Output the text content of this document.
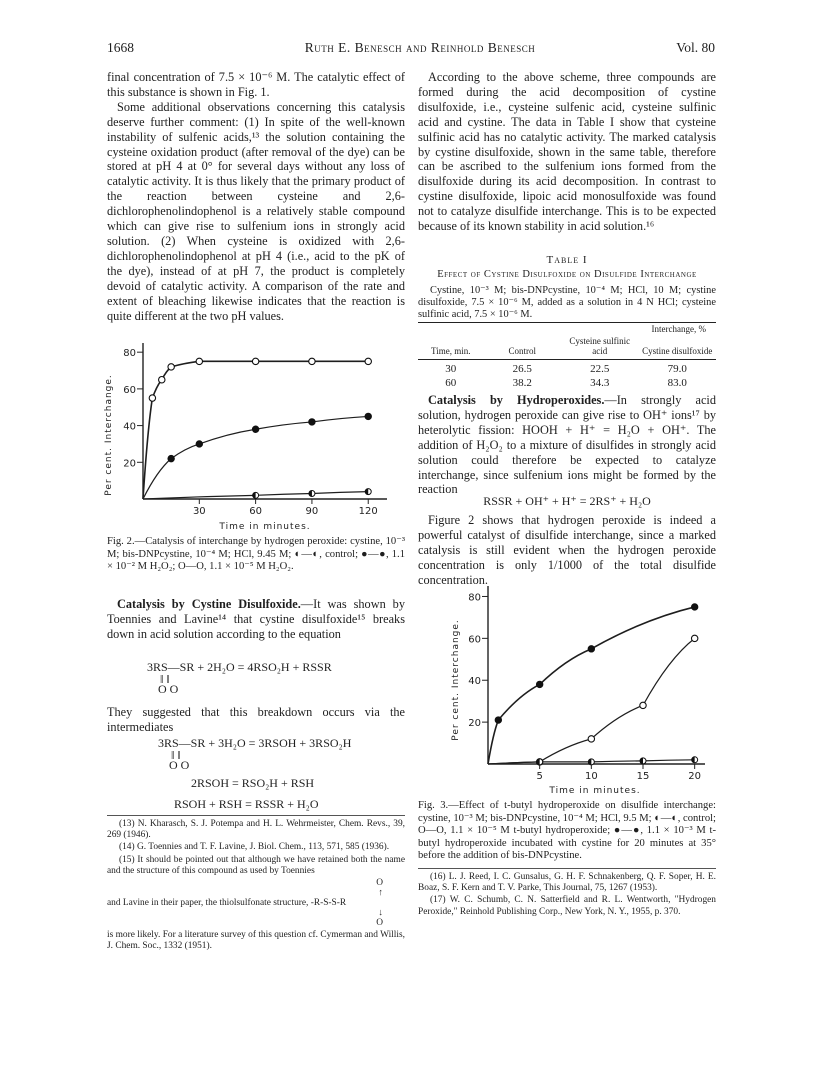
1668	Ruth E. Benesch and Reinhold Benesch	Vol. 80

final concentration of 7.5 × 10⁻⁶ M. The catalytic effect of this substance is shown in Fig. 1.

Some additional observations concerning this catalysis deserve further comment: (1) In spite of the well-known instability of sulfenic acids,¹³ the solution containing the cysteine oxidation product (after removal of the dye) can be stored at pH 4 at 0° for several days without any loss of catalytic activity. It is thus likely that the primary product of the reaction between cysteine and 2,6-dichlorophenolindophenol is a relatively stable compound which can give rise to sulfenium ions in strongly acid solution. (2) When cysteine is oxidized with 2,6-dichlorophenolindophenol at pH 4 (i.e., acid to the pK of the dye), instead of at pH 7, the product is completely devoid of catalytic activity. A comparison of the rate and extent of bleaching likewise indicates that the reaction is quite different at the two pH values.

30	60	90	120
20
40
60
80
Time in minutes.
Per cent. Interchange.
Fig. 2.—Catalysis of interchange by hydrogen peroxide: cystine, 10⁻³ M; bis-DNPcystine, 10⁻⁴ M; HCl, 9.45 M; ◐—◐, control; ●—●, 1.1 × 10⁻² M H₂O₂; O—O, 1.1 × 10⁻⁵ M H₂O₂.

Catalysis by Cystine Disulfoxide.—It was shown by Toennies and Lavine¹⁴ that cystine disulfoxide¹⁵ breaks down in acid solution according to the equation

3RS—SR + 2H₂O = 4RSO₂H + RSSR
‖ ‖
O O

They suggested that this breakdown occurs via the intermediates

3RS—SR + 3H₂O = 3RSOH + 3RSO₂H
‖ ‖
O O
2RSOH = RSO₂H + RSH
RSOH + RSH = RSSR + H₂O

(13) N. Kharasch, S. J. Potempa and H. L. Wehrmeister, Chem. Revs., 39, 269 (1946).

(14) G. Toennies and T. F. Lavine, J. Biol. Chem., 113, 571, 585 (1936).

(15) It should be pointed out that although we have retained both the name and the structure of this compound as used by Toennies

O
↑
and Lavine in their paper, the thiolsulfonate structure, -R-S-S-R
↓
O
is more likely. For a literature survey of this question cf. Cymerman and Willis, J. Chem. Soc., 1332 (1951).

According to the above scheme, three compounds are formed during the acid decomposition of cystine disulfoxide, i.e., cysteine sulfenic acid, cysteine sulfinic acid and cystine. The data in Table I show that cysteine sulfinic acid has no catalytic activity. The marked catalysis by cystine disulfoxide, shown in the same table, therefore can be ascribed to the sulfenium ions formed from the disulfoxide during its acid decomposition. In contrast to cystine disulfoxide, lipoic acid monosulfoxide was found not to catalyze disulfide interchange. This is to be expected because of its known stability in acid solution.¹⁶

Table I
Effect of Cystine Disulfoxide on Disulfide Interchange
Cystine, 10⁻³ M; bis-DNPcystine, 10⁻⁴ M; HCl, 10 M; cystine disulfoxide, 7.5 × 10⁻⁶ M, added as a solution in 4 N HCl; cysteine sulfinic acid, 7.5 × 10⁻⁶ M.
Time, min.		Interchange, %	
	Control	Cysteine sulfinic acid	Cystine disulfoxide

30	26.5	22.5	79.0
60	38.2	34.3	83.0

Catalysis by Hydroperoxides.—In strongly acid solution, hydrogen peroxide can give rise to OH⁺ ions¹⁷ by heterolytic fission: HOOH + H⁺ = H₂O + OH⁺. The addition of H₂O₂ to a mixture of disulfides in strongly acid solution could therefore be expected to catalyze interchange, since sulfenium ions might be formed by the reaction

RSSR + OH⁺ + H⁺ = 2RS⁺ + H₂O

Figure 2 shows that hydrogen peroxide is indeed a powerful catalyst of disulfide interchange, since a marked catalysis is still evident when the hydrogen peroxide concentration is only 1/1000 of the total disulfide concentration.

5	10	15	20
20
40
60
80
Time in minutes.
Per cent. Interchange.
Fig. 3.—Effect of t-butyl hydroperoxide on disulfide interchange: cystine, 10⁻³ M; bis-DNPcystine, 10⁻⁴ M; HCl, 9.5 M; ◐—◐, control; O—O, 1.1 × 10⁻⁵ M t-butyl hydroperoxide; ●—●, 1.1 × 10⁻³ M t-butyl hydroperoxide incubated with cystine for 20 minutes at 35° before the addition of bis-DNPcystine.

(16) L. J. Reed, I. C. Gunsalus, G. H. F. Schnakenberg, Q. F. Soper, H. E. Boaz, S. F. Kern and T. V. Parke, This Journal, 75, 1267 (1953).

(17) W. C. Schumb, C. N. Satterfield and R. L. Wentworth, "Hydrogen Peroxide," Reinhold Publishing Corp., New York, N. Y., 1955, p. 370.
